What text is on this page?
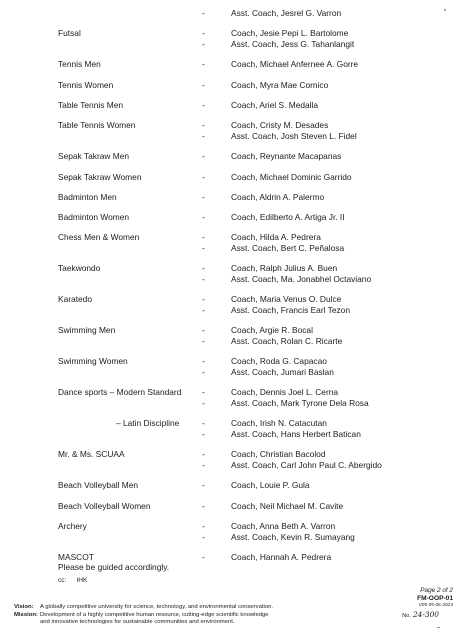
-	Asst. Coach, Jesrel G. Varron
Futsal	-	Coach, Jesie Pepi L. Bartolome
-	Asst. Coach, Jess G. Tahanlangit
Tennis Men	-	Coach, Michael Anfernee A. Gorre
Tennis Women	-	Coach, Myra Mae Cornico
Table Tennis Men	-	Coach, Ariel S. Medalla
Table Tennis Women	-	Coach, Cristy M. Desades
-	Asst. Coach, Josh Steven L. Fidel
Sepak Takraw Men	-	Coach, Reynante Macapanas
Sepak Takraw Women	-	Coach, Michael Dominic Garrido
Badminton Men	-	Coach, Aldrin A. Palermo
Badminton Women	-	Coach, Edilberto A. Artiga Jr. II
Chess Men & Women	-	Coach, Hilda A. Pedrera
-	Asst. Coach, Bert C. Peñalosa
Taekwondo	-	Coach, Ralph Julius A. Buen
-	Asst. Coach, Ma. Jonabhel Octaviano
Karatedo	-	Coach, Maria Venus O. Dulce
-	Asst. Coach, Francis Earl Tezon
Swimming Men	-	Coach, Argie R. Bocal
-	Asst. Coach, Rolan C. Ricarte
Swimming Women	-	Coach, Roda G. Capacao
-	Asst. Coach, Jumari Baslan
Dance sports – Modern Standard -	Coach, Dennis Joel L. Cerna
-	Asst. Coach, Mark Tyrone Dela Rosa
– Latin Discipline	-	Coach, Irish N. Catacutan
-	Asst. Coach, Hans Herbert Batican
Mr. & Ms. SCUAA	-	Coach, Christian Bacolod
-	Asst. Coach, Carl John Paul C. Abergido
Beach Volleyball Men	-	Coach, Louie P. Gula
Beach Volleyball Women	-	Coach, Neil Michael M. Cavite
Archery	-	Coach, Anna Beth A. Varron
-	Asst. Coach, Kevin R. Sumayang
MASCOT	-	Coach, Hannah A. Pedrera
Please be guided accordingly.
cc: IHK
Page 2 of 2
FM-OOP-01
V05 05-06-2024
No. 24-300
Vision:	A globally competitive university for science, technology, and environmental conservation.
Mission: Development of a highly competitive human resource, cutting-edge scientific knowledge
and innovative technologies for sustainable communities and environment.
